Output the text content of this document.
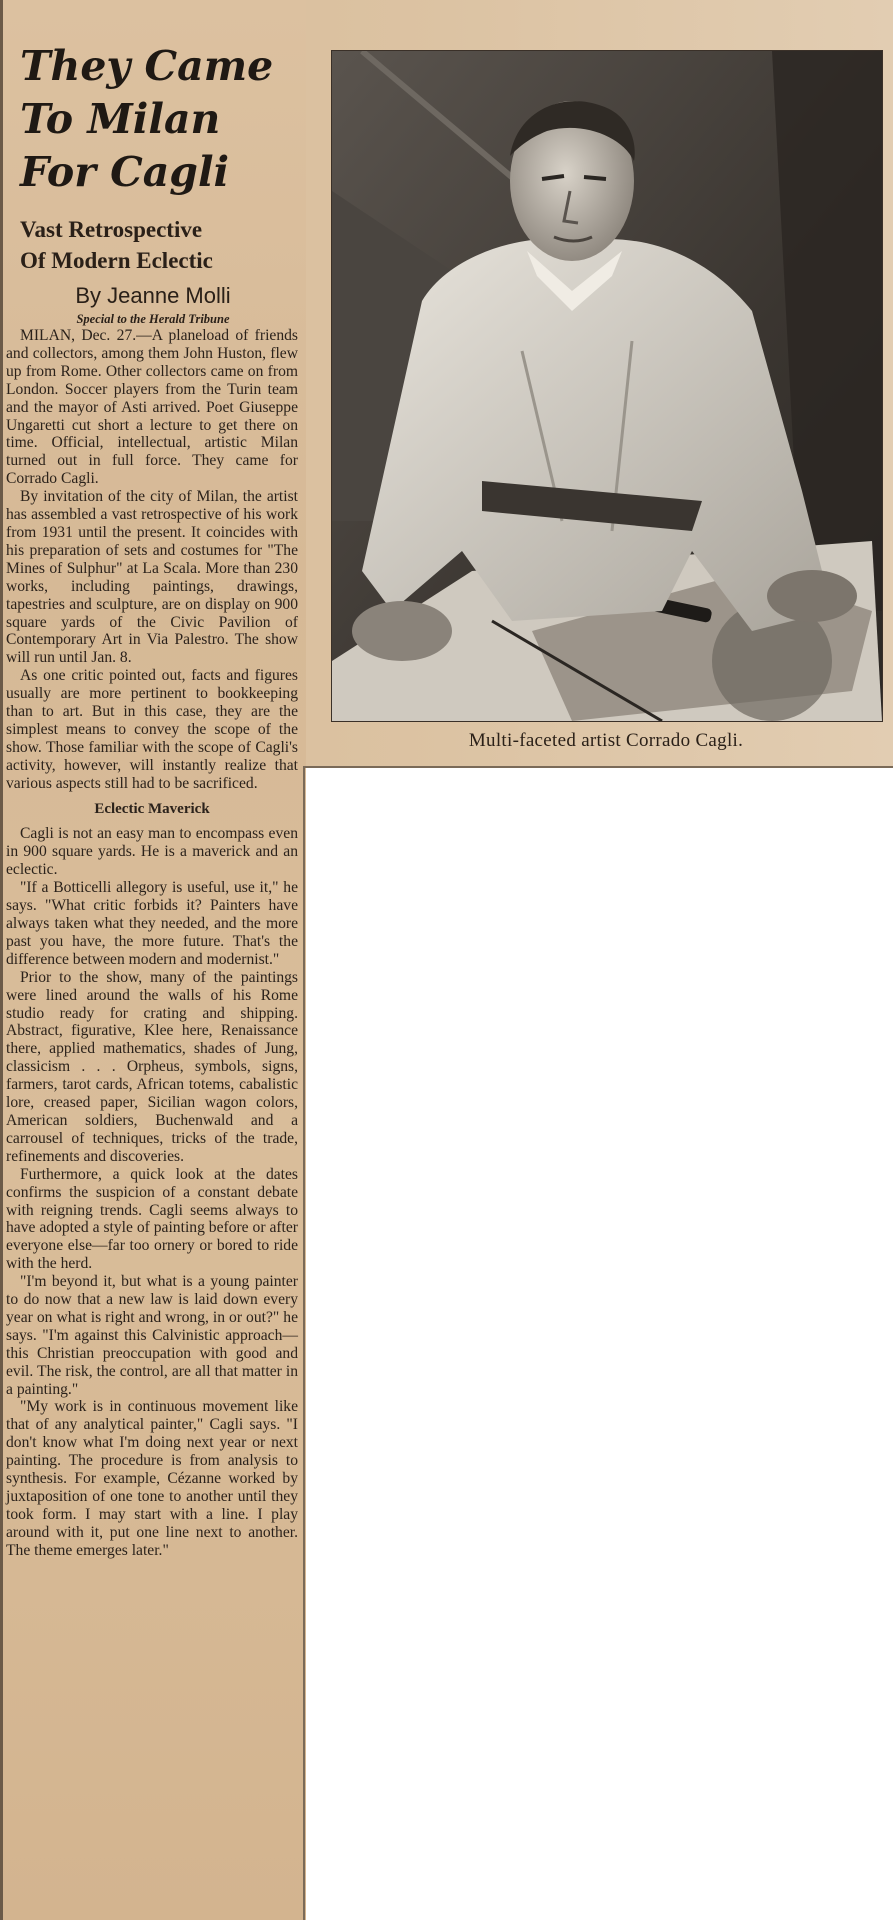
They Came
To Milan
For Cagli
Vast Retrospective
Of Modern Eclectic

By Jeanne Molli

Special to the Herald Tribune

MILAN, Dec. 27.—A planeload of friends and collectors, among them John Huston, flew up from Rome. Other collectors came on from London. Soccer players from the Turin team and the mayor of Asti arrived. Poet Giuseppe Ungaretti cut short a lecture to get there on time. Official, intellectual, artistic Milan turned out in full force. They came for Corrado Cagli.

By invitation of the city of Milan, the artist has assembled a vast retrospective of his work from 1931 until the present. It coincides with his preparation of sets and costumes for "The Mines of Sulphur" at La Scala. More than 230 works, including paintings, drawings, tapestries and sculpture, are on display on 900 square yards of the Civic Pavilion of Contemporary Art in Via Palestro. The show will run until Jan. 8.

As one critic pointed out, facts and figures usually are more pertinent to bookkeeping than to art. But in this case, they are the simplest means to convey the scope of the show. Those familiar with the scope of Cagli's activity, however, will instantly realize that various aspects still had to be sacrificed.

Eclectic Maverick

Cagli is not an easy man to encompass even in 900 square yards. He is a maverick and an eclectic.

"If a Botticelli allegory is useful, use it," he says. "What critic forbids it? Painters have always taken what they needed, and the more past you have, the more future. That's the difference between modern and modernist."

Prior to the show, many of the paintings were lined around the walls of his Rome studio ready for crating and shipping. Abstract, figurative, Klee here, Renaissance there, applied mathematics, shades of Jung, classicism . . . Orpheus, symbols, signs, farmers, tarot cards, African totems, cabalistic lore, creased paper, Sicilian wagon colors, American soldiers, Buchenwald and a carrousel of techniques, tricks of the trade, refinements and discoveries.

Furthermore, a quick look at the dates confirms the suspicion of a constant debate with reigning trends. Cagli seems always to have adopted a style of painting before or after everyone else—far too ornery or bored to ride with the herd.

"I'm beyond it, but what is a young painter to do now that a new law is laid down every year on what is right and wrong, in or out?" he says. "I'm against this Calvinistic approach—this Christian preoccupation with good and evil. The risk, the control, are all that matter in a painting."

"My work is in continuous movement like that of any analytical painter," Cagli says. "I don't know what I'm doing next year or next painting. The procedure is from analysis to synthesis. For example, Cézanne worked by juxtaposition of one tone to another until they took form. I may start with a line. I play around with it, put one line next to another. The theme emerges later."

Multi-faceted artist Corrado Cagli.
